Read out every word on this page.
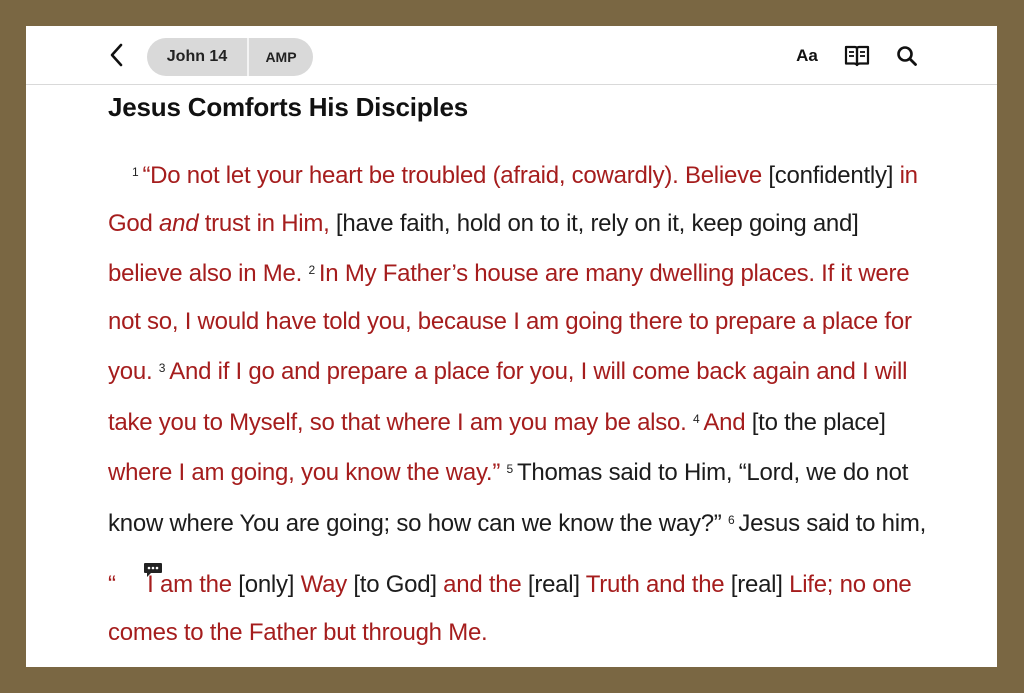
John 14	AMP	Aa
Jesus Comforts His Disciples

$^1$ “Do not let your heart be troubled (afraid, cowardly). Believe [confidently] in God and trust in Him, [have faith, hold on to it, rely on it, keep going and] believe also in Me. $^2$ In My Father’s house are many dwelling places. If it were not so, I would have told you, because I am going there to prepare a place for you. $^3$ And if I go and prepare a place for you, I will come back again and I will take you to Myself, so that where I am you may be also. $^4$ And [to the place] where I am going, you know the way.” $^5$ Thomas said to Him, “Lord, we do not know where You are going; so how can we know the way?” $^6$ Jesus said to him, “ I am the [only] Way [to God] and the [real] Truth and the [real] Life; no one comes to the Father but through Me.
